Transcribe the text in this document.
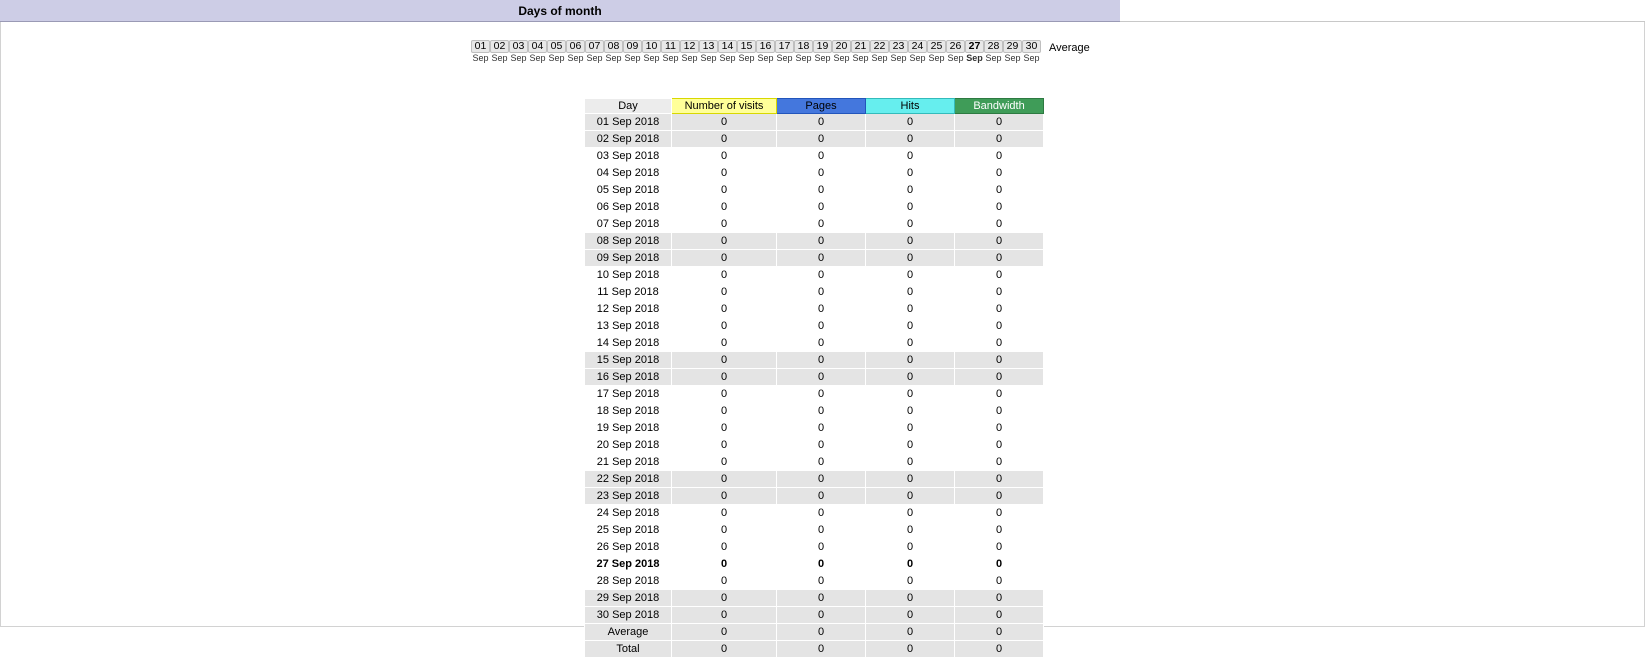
Days of month
01
Sep
02
Sep
03
Sep
04
Sep
05
Sep
06
Sep
07
Sep
08
Sep
09
Sep
10
Sep
11
Sep
12
Sep
13
Sep
14
Sep
15
Sep
16
Sep
17
Sep
18
Sep
19
Sep
20
Sep
21
Sep
22
Sep
23
Sep
24
Sep
25
Sep
26
Sep
27
Sep
28
Sep
29
Sep
30
Sep
Average
Day	Number of visits	Pages	Hits	Bandwidth
01 Sep 2018	0	0	0	0
02 Sep 2018	0	0	0	0
03 Sep 2018	0	0	0	0
04 Sep 2018	0	0	0	0
05 Sep 2018	0	0	0	0
06 Sep 2018	0	0	0	0
07 Sep 2018	0	0	0	0
08 Sep 2018	0	0	0	0
09 Sep 2018	0	0	0	0
10 Sep 2018	0	0	0	0
11 Sep 2018	0	0	0	0
12 Sep 2018	0	0	0	0
13 Sep 2018	0	0	0	0
14 Sep 2018	0	0	0	0
15 Sep 2018	0	0	0	0
16 Sep 2018	0	0	0	0
17 Sep 2018	0	0	0	0
18 Sep 2018	0	0	0	0
19 Sep 2018	0	0	0	0
20 Sep 2018	0	0	0	0
21 Sep 2018	0	0	0	0
22 Sep 2018	0	0	0	0
23 Sep 2018	0	0	0	0
24 Sep 2018	0	0	0	0
25 Sep 2018	0	0	0	0
26 Sep 2018	0	0	0	0
27 Sep 2018	0	0	0	0
28 Sep 2018	0	0	0	0
29 Sep 2018	0	0	0	0
30 Sep 2018	0	0	0	0
Average	0	0	0	0
Total	0	0	0	0
